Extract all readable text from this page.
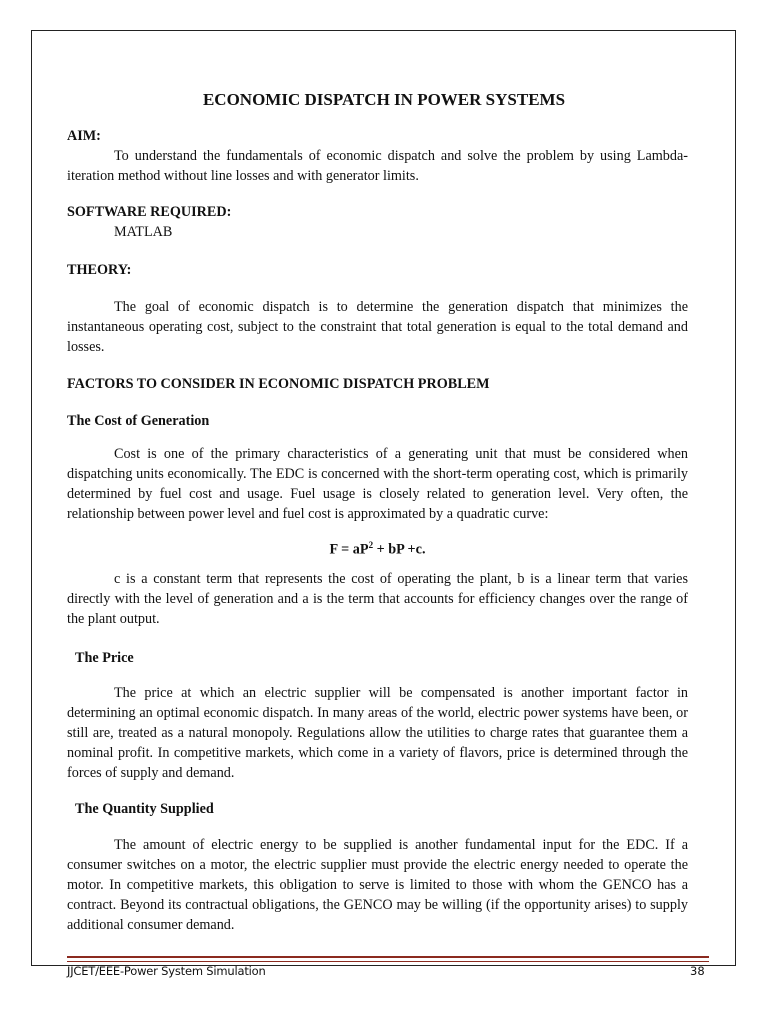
ECONOMIC DISPATCH IN POWER SYSTEMS
AIM:
To understand the fundamentals of economic dispatch and solve the problem by using Lambda-iteration method without line losses and with generator limits.
SOFTWARE REQUIRED:
MATLAB
THEORY:
The goal of economic dispatch is to determine the generation dispatch that minimizes the instantaneous operating cost, subject to the constraint that total generation is equal to the total demand and losses.
FACTORS TO CONSIDER IN ECONOMIC DISPATCH PROBLEM
The Cost of Generation
Cost is one of the primary characteristics of a generating unit that must be considered when dispatching units economically. The EDC is concerned with the short-term operating cost, which is primarily determined by fuel cost and usage. Fuel usage is closely related to generation level. Very often, the relationship between power level and fuel cost is approximated by a quadratic curve:
$F = aP^2$ + bP +c.
c is a constant term that represents the cost of operating the plant, b is a linear term that varies directly with the level of generation and a is the term that accounts for efficiency changes over the range of the plant output.
The Price
The price at which an electric supplier will be compensated is another important factor in determining an optimal economic dispatch. In many areas of the world, electric power systems have been, or still are, treated as a natural monopoly. Regulations allow the utilities to charge rates that guarantee them a nominal profit. In competitive markets, which come in a variety of flavors, price is determined through the forces of supply and demand.
The Quantity Supplied
The amount of electric energy to be supplied is another fundamental input for the EDC. If a consumer switches on a motor, the electric supplier must provide the electric energy needed to operate the motor. In competitive markets, this obligation to serve is limited to those with whom the GENCO has a contract. Beyond its contractual obligations, the GENCO may be willing (if the opportunity arises) to supply additional consumer demand.
JJCET/EEE-Power System Simulation	38
